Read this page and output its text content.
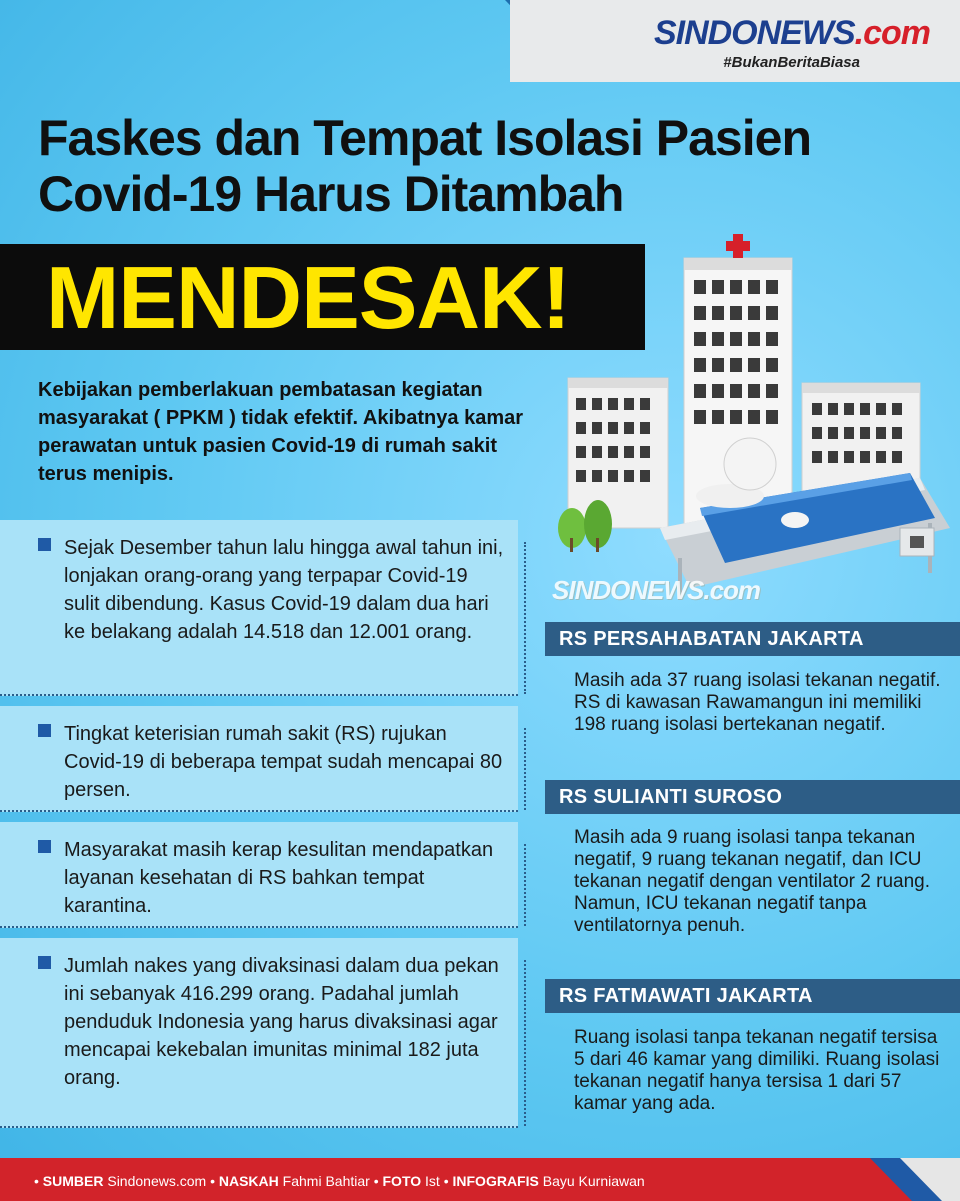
SINDONEWS.com
#BukanBeritaBiasa
Faskes dan Tempat Isolasi Pasien Covid-19 Harus Ditambah
MENDESAK!
Kebijakan pemberlakuan pembatasan kegiatan masyarakat ( PPKM ) tidak efektif. Akibatnya kamar perawatan untuk pasien Covid-19 di rumah sakit terus menipis.
Sejak Desember tahun lalu hingga awal tahun ini, lonjakan orang-orang yang terpapar Covid-19 sulit dibendung. Kasus Covid-19 dalam dua hari ke belakang adalah 14.518 dan 12.001 orang.
Tingkat keterisian rumah sakit (RS) rujukan Covid-19 di beberapa tempat sudah mencapai 80 persen.
Masyarakat masih kerap kesulitan mendapatkan layanan kesehatan di RS bahkan tempat karantina.
Jumlah nakes yang divaksinasi dalam dua pekan ini sebanyak 416.299 orang. Padahal jumlah penduduk Indonesia yang harus divaksinasi agar mencapai kekebalan imunitas minimal 182 juta orang.
SINDONEWS.com
RS PERSAHABATAN JAKARTA
Masih ada 37 ruang isolasi tekanan negatif. RS di kawasan Rawamangun ini memiliki 198 ruang isolasi bertekanan negatif.
RS SULIANTI SUROSO
Masih ada 9 ruang isolasi tanpa tekanan negatif, 9 ruang tekanan negatif, dan ICU tekanan negatif dengan ventilator 2 ruang. Namun, ICU tekanan negatif tanpa ventilatornya penuh.
RS FATMAWATI JAKARTA
Ruang isolasi tanpa tekanan negatif tersisa 5 dari 46 kamar yang dimiliki. Ruang isolasi tekanan negatif hanya tersisa 1 dari 57 kamar yang ada.
• SUMBER Sindonews.com • NASKAH Fahmi Bahtiar • FOTO Ist • INFOGRAFIS Bayu Kurniawan
